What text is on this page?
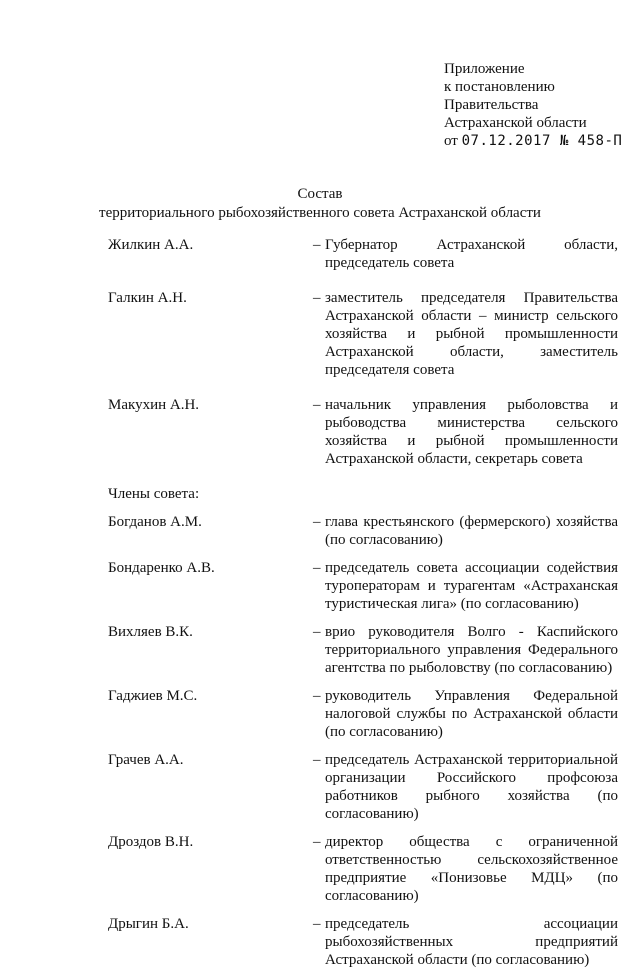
Приложение
к постановлению
Правительства
Астраханской области
от 07.12.2017 № 458-П
Состав
территориального рыбохозяйственного совета Астраханской области
Жилкин А.А.	– Губернатор Астраханской области, председатель совета
Галкин А.Н.	– заместитель председателя Правительства Астраханской области – министр сельского хозяйства и рыбной промышленности Астраханской области, заместитель председателя совета
Макухин А.Н.	– начальник управления рыболовства и рыбоводства министерства сельского хозяйства и рыбной промышленности Астраханской области, секретарь совета
Члены совета:
Богданов А.М.	– глава крестьянского (фермерского) хозяйства (по согласованию)
Бондаренко А.В.	– председатель совета ассоциации содействия туроператорам и турагентам «Астраханская туристическая лига» (по согласованию)
Вихляев В.К.	– врио руководителя Волго - Каспийского территориального управления Федерального агентства по рыболовству (по согласованию)
Гаджиев М.С.	– руководитель Управления Федеральной налоговой службы по Астраханской области (по согласованию)
Грачев А.А.	– председатель Астраханской территориальной организации Российского профсоюза работников рыбного хозяйства (по согласованию)
Дроздов В.Н.	– директор общества с ограниченной ответственностью сельскохозяйственное предприятие «Понизовье МДЦ» (по согласованию)
Дрыгин Б.А.	– председатель ассоциации рыбохозяйственных предприятий Астраханской области (по согласованию)
